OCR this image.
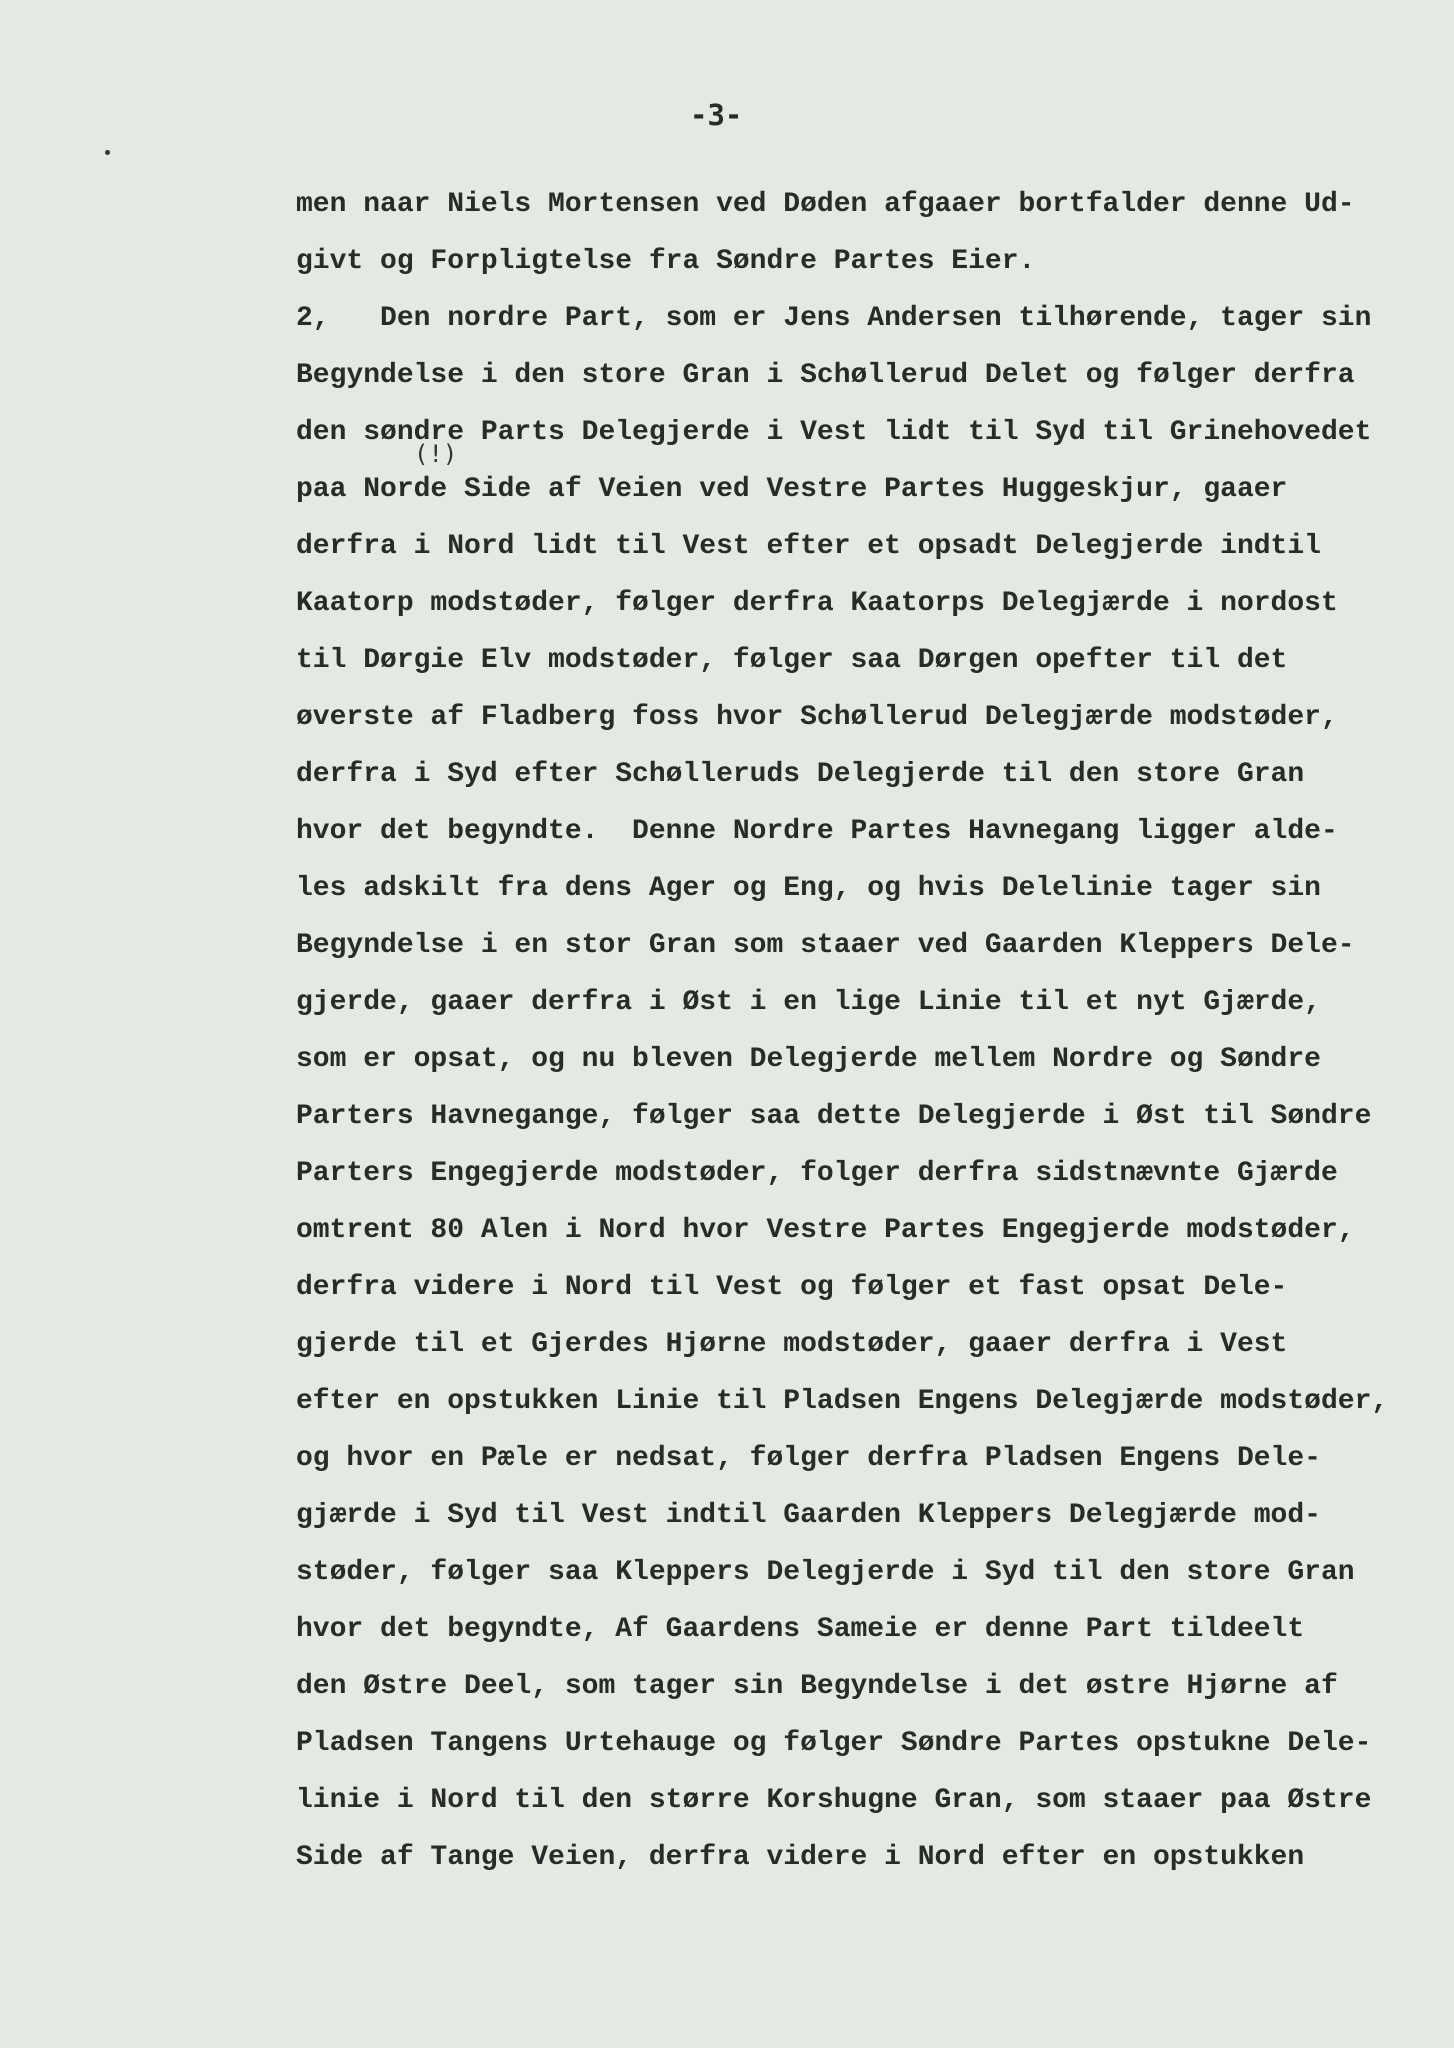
-3-
(!)
men naar Niels Mortensen ved Døden afgaaer bortfalder denne Ud-
givt og Forpligtelse fra Søndre Partes Eier.
2,   Den nordre Part, som er Jens Andersen tilhørende, tager sin
Begyndelse i den store Gran i Schøllerud Delet og følger derfra
den søndre Parts Delegjerde i Vest lidt til Syd til Grinehovedet
paa Norde Side af Veien ved Vestre Partes Huggeskjur, gaaer
derfra i Nord lidt til Vest efter et opsadt Delegjerde indtil
Kaatorp modstøder, følger derfra Kaatorps Delegjærde i nordost
til Dørgie Elv modstøder, følger saa Dørgen opefter til det
øverste af Fladberg foss hvor Schøllerud Delegjærde modstøder,
derfra i Syd efter Schølleruds Delegjerde til den store Gran
hvor det begyndte.  Denne Nordre Partes Havnegang ligger alde-
les adskilt fra dens Ager og Eng, og hvis Delelinie tager sin
Begyndelse i en stor Gran som staaer ved Gaarden Kleppers Dele-
gjerde, gaaer derfra i Øst i en lige Linie til et nyt Gjærde,
som er opsat, og nu bleven Delegjerde mellem Nordre og Søndre
Parters Havnegange, følger saa dette Delegjerde i Øst til Søndre
Parters Engegjerde modstøder, folger derfra sidstnævnte Gjærde
omtrent 80 Alen i Nord hvor Vestre Partes Engegjerde modstøder,
derfra videre i Nord til Vest og følger et fast opsat Dele-
gjerde til et Gjerdes Hjørne modstøder, gaaer derfra i Vest
efter en opstukken Linie til Pladsen Engens Delegjærde modstøder,
og hvor en Pæle er nedsat, følger derfra Pladsen Engens Dele-
gjærde i Syd til Vest indtil Gaarden Kleppers Delegjærde mod-
støder, følger saa Kleppers Delegjerde i Syd til den store Gran
hvor det begyndte, Af Gaardens Sameie er denne Part tildeelt
den Østre Deel, som tager sin Begyndelse i det østre Hjørne af
Pladsen Tangens Urtehauge og følger Søndre Partes opstukne Dele-
linie i Nord til den større Korshugne Gran, som staaer paa Østre
Side af Tange Veien, derfra videre i Nord efter en opstukken
